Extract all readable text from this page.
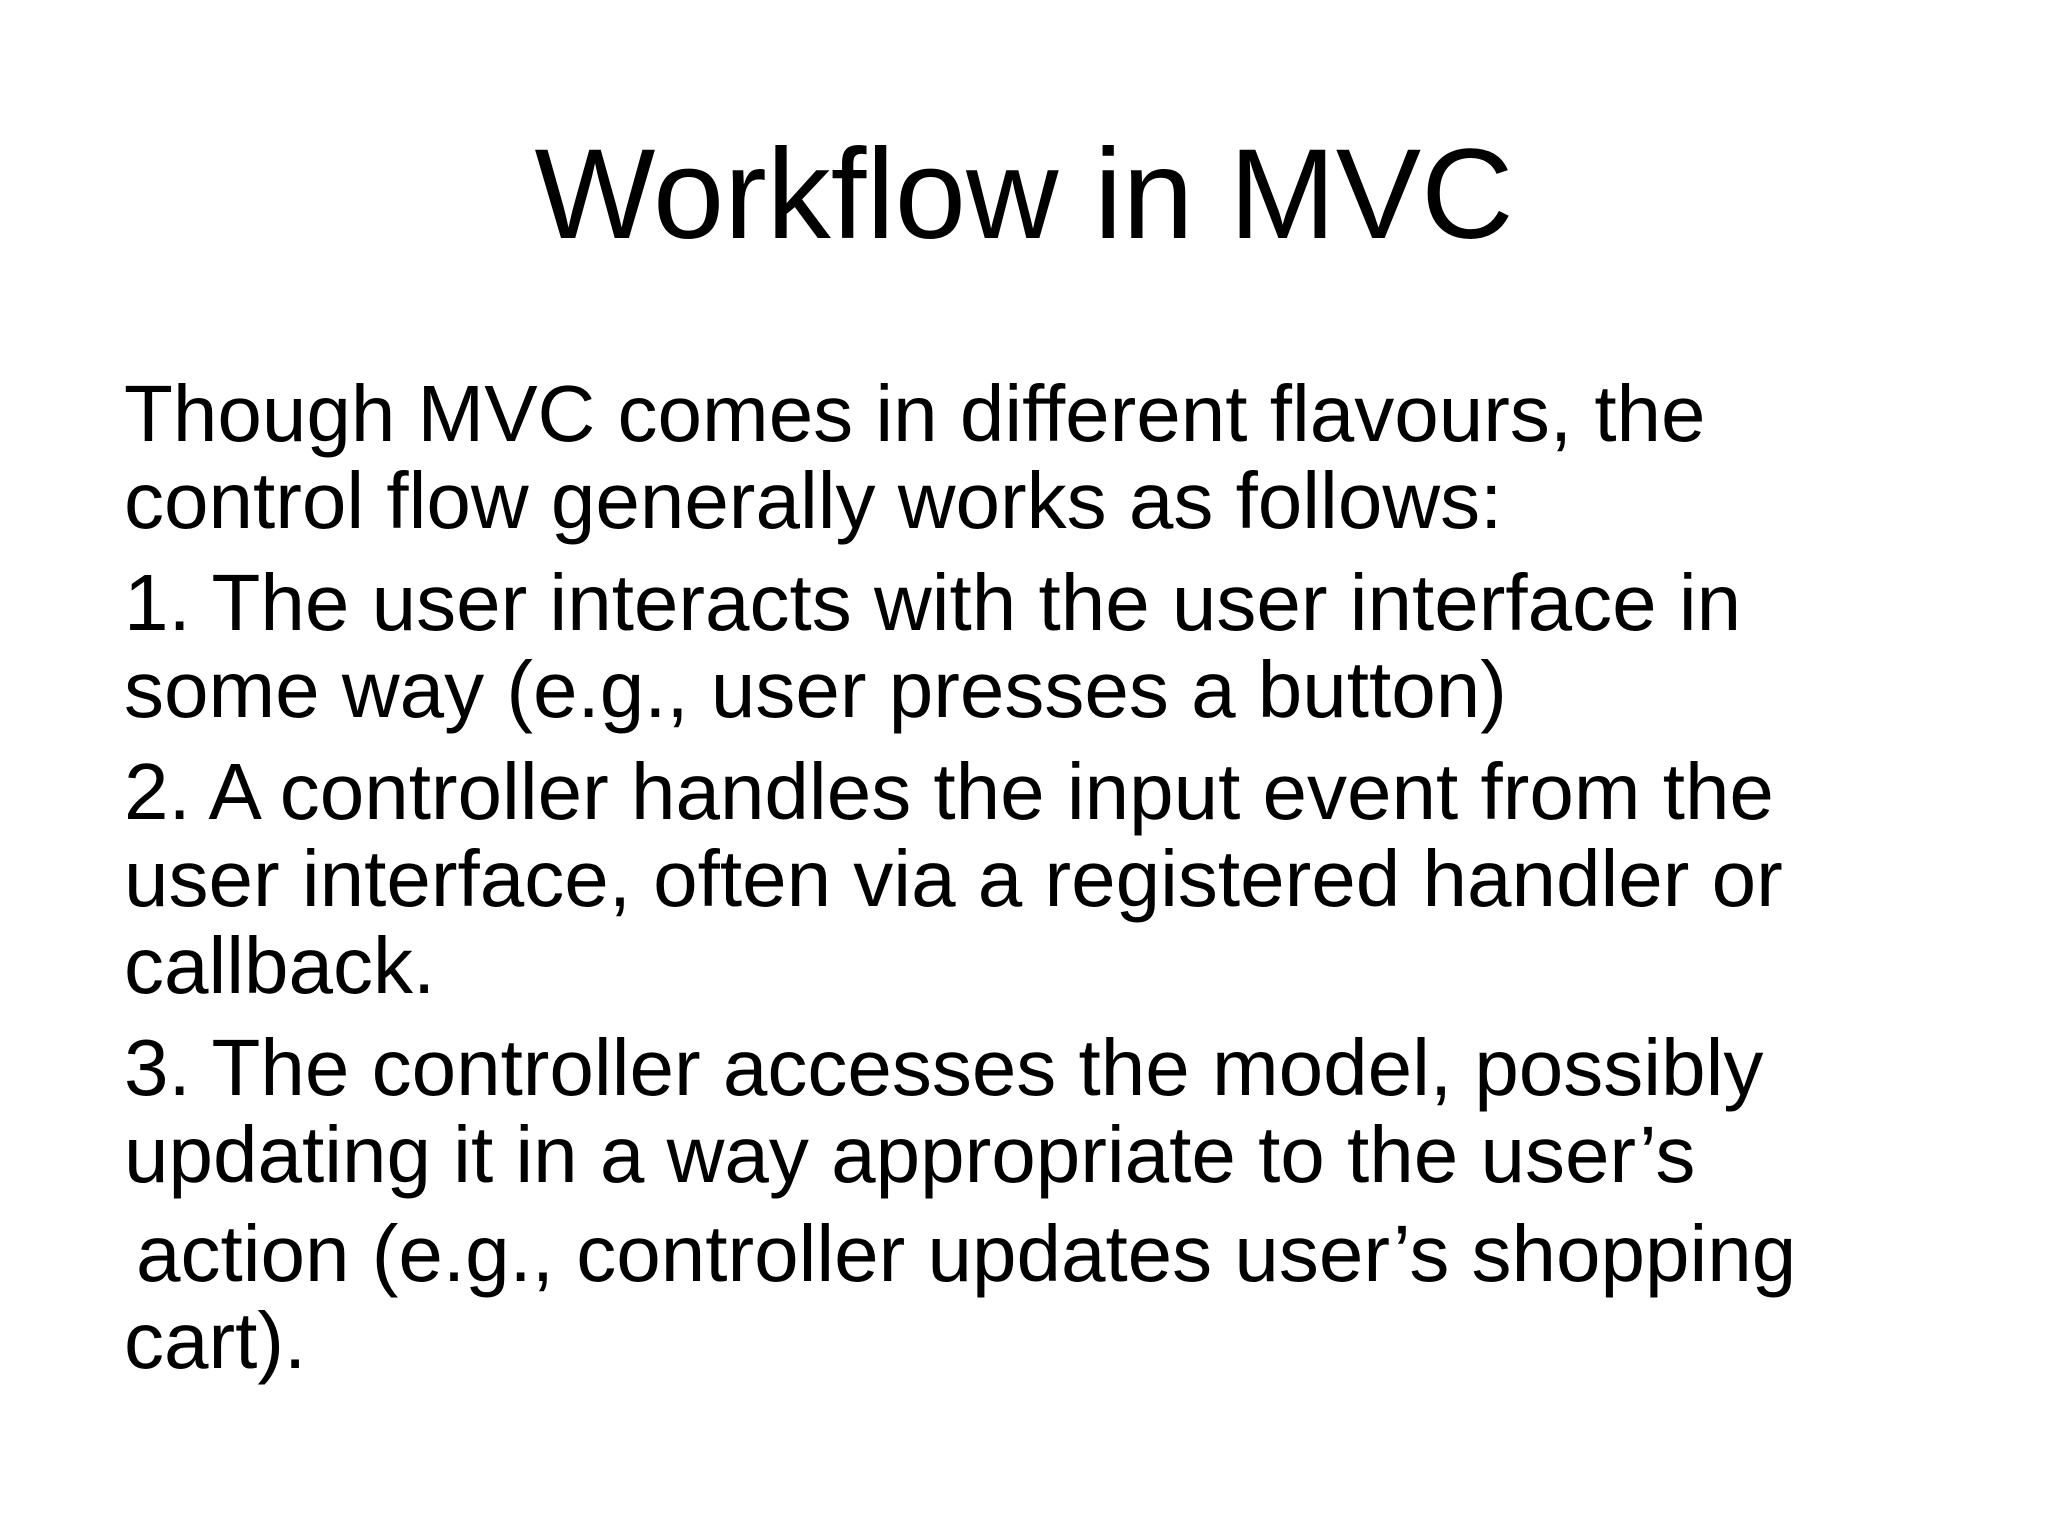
Workflow in MVC

Though MVC comes in different flavours, the
control flow generally works as follows:

1. The user interacts with the user interface in
some way (e.g., user presses a button)

2. A controller handles the input event from the
user interface, often via a registered handler or
callback.

3. The controller accesses the model, possibly
updating it in a way appropriate to the user’s
action (e.g., controller updates user’s shopping
cart).
